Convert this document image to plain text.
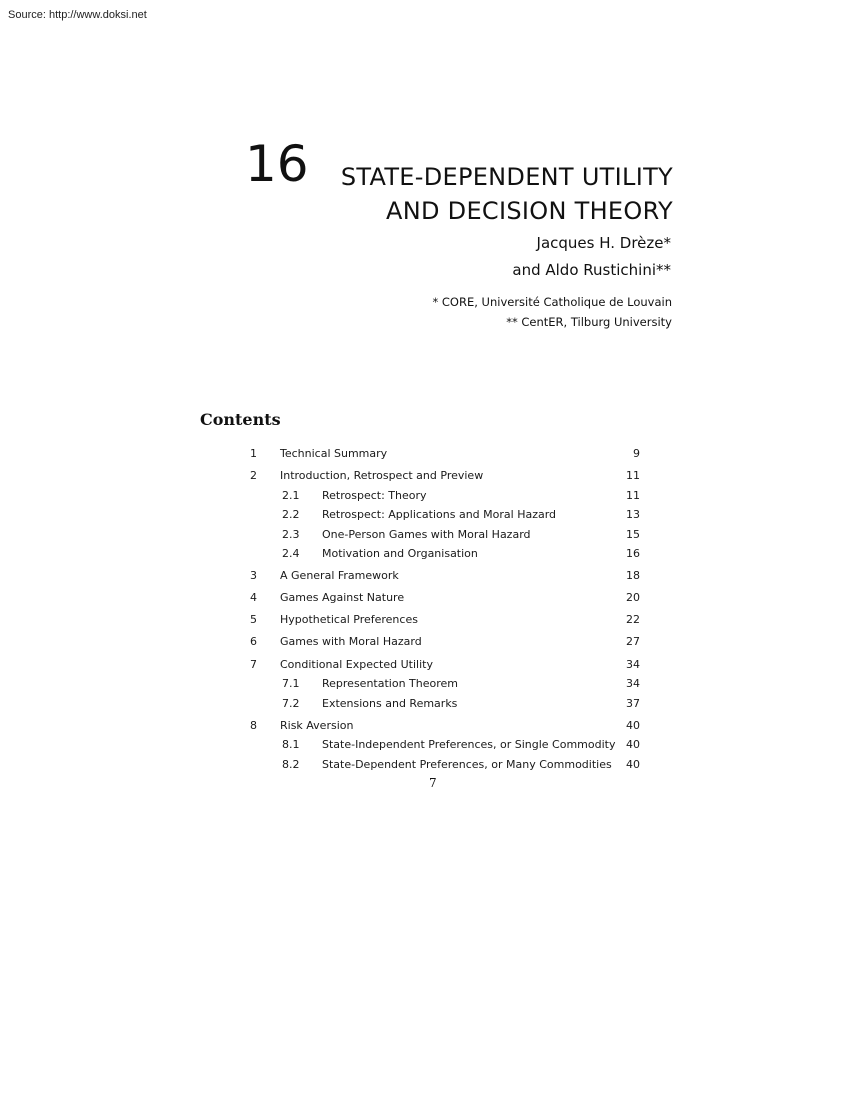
Source: http://www.doksi.net
16 STATE-DEPENDENT UTILITY
AND DECISION THEORY
Jacques H. Drèze*
and Aldo Rustichini**
* CORE, Université Catholique de Louvain
** CentER, Tilburg University
Contents
1 Technical Summary	9
2 Introduction, Retrospect and Preview	11
2.1 Retrospect: Theory	11
2.2 Retrospect: Applications and Moral Hazard	13
2.3 One-Person Games with Moral Hazard	15
2.4 Motivation and Organisation	16
3 A General Framework	18
4 Games Against Nature	20
5 Hypothetical Preferences	22
6 Games with Moral Hazard	27
7 Conditional Expected Utility	34
7.1 Representation Theorem	34
7.2 Extensions and Remarks	37
8 Risk Aversion	40
8.1 State-Independent Preferences, or Single Commodity 40
8.2 State-Dependent Preferences, or Many Commodities 40
7
